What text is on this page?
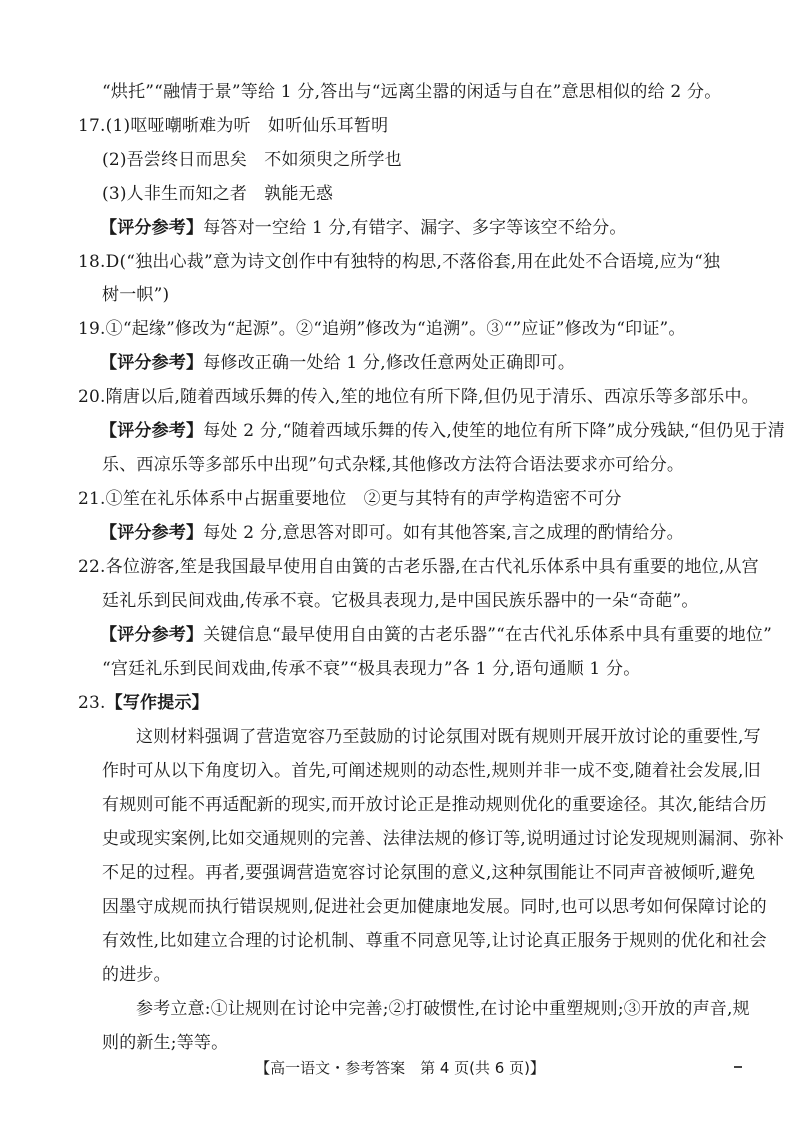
“烘托”“融情于景”等给 1 分,答出与“远离尘嚣的闲适与自在”意思相似的给 2 分。
17.(1)呕哑嘲哳难为听　如听仙乐耳暂明
(2)吾尝终日而思矣　不如须臾之所学也
(3)人非生而知之者　孰能无惑
【评分参考】每答对一空给 1 分,有错字、漏字、多字等该空不给分。
18.D(“独出心裁”意为诗文创作中有独特的构思,不落俗套,用在此处不合语境,应为“独
树一帜”)
19.①“起缘”修改为“起源”。②“追朔”修改为“追溯”。③“”应证”修改为“印证”。
【评分参考】每修改正确一处给 1 分,修改任意两处正确即可。
20.隋唐以后,随着西域乐舞的传入,笙的地位有所下降,但仍见于清乐、西凉乐等多部乐中。
【评分参考】每处 2 分,“随着西域乐舞的传入,使笙的地位有所下降”成分残缺,“但仍见于清
乐、西凉乐等多部乐中出现”句式杂糅,其他修改方法符合语法要求亦可给分。
21.①笙在礼乐体系中占据重要地位　②更与其特有的声学构造密不可分
【评分参考】每处 2 分,意思答对即可。如有其他答案,言之成理的酌情给分。
22.各位游客,笙是我国最早使用自由簧的古老乐器,在古代礼乐体系中具有重要的地位,从宫
廷礼乐到民间戏曲,传承不衰。它极具表现力,是中国民族乐器中的一朵“奇葩”。
【评分参考】关键信息“最早使用自由簧的古老乐器”“在古代礼乐体系中具有重要的地位”
“宫廷礼乐到民间戏曲,传承不衰”“极具表现力”各 1 分,语句通顺 1 分。
23.【写作提示】
这则材料强调了营造宽容乃至鼓励的讨论氛围对既有规则开展开放讨论的重要性,写
作时可从以下角度切入。首先,可阐述规则的动态性,规则并非一成不变,随着社会发展,旧
有规则可能不再适配新的现实,而开放讨论正是推动规则优化的重要途径。其次,能结合历
史或现实案例,比如交通规则的完善、法律法规的修订等,说明通过讨论发现规则漏洞、弥补
不足的过程。再者,要强调营造宽容讨论氛围的意义,这种氛围能让不同声音被倾听,避免
因墨守成规而执行错误规则,促进社会更加健康地发展。同时,也可以思考如何保障讨论的
有效性,比如建立合理的讨论机制、尊重不同意见等,让讨论真正服务于规则的优化和社会
的进步。
参考立意:①让规则在讨论中完善;②打破惯性,在讨论中重塑规则;③开放的声音,规
则的新生;等等。
【高一语文・参考答案　第 4 页(共 6 页)】
